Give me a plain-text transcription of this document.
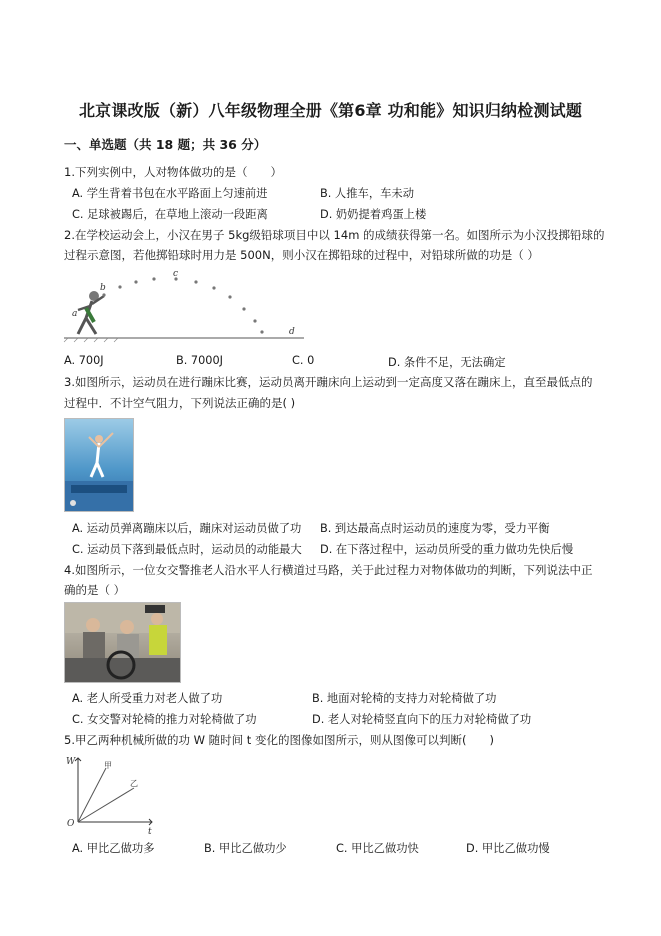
北京课改版（新）八年级物理全册《第6章 功和能》知识归纳检测试题
一、单选题（共 18 题；共 36 分）
1.下列实例中，人对物体做功的是（　　）
A. 学生背着书包在水平路面上匀速前进	B. 人推车，车未动
C. 足球被踢后，在草地上滚动一段距离	D. 奶奶提着鸡蛋上楼
2.在学校运动会上，小汉在男子 5kg级铅球项目中以 14m 的成绩获得第一名。如图所示为小汉投掷铅球的
过程示意图，若他掷铅球时用力是 500N，则小汉在掷铅球的过程中，对铅球所做的功是（ ）
a
b
c
d
A. 700J	B. 7000J	C. 0	D. 条件不足，无法确定
3.如图所示，运动员在进行蹦床比赛，运动员离开蹦床向上运动到一定高度又落在蹦床上，直至最低点的
过程中．不计空气阻力，下列说法正确的是( )
A. 运动员弹离蹦床以后，蹦床对运动员做了功 B. 到达最高点时运动员的速度为零，受力平衡
C. 运动员下落到最低点时，运动员的动能最大 D. 在下落过程中，运动员所受的重力做功先快后慢
4.如图所示，一位女交警推老人沿水平人行横道过马路，关于此过程力对物体做功的判断，下列说法中正
确的是（ ）
A. 老人所受重力对老人做了功	B. 地面对轮椅的支持力对轮椅做了功
C. 女交警对轮椅的推力对轮椅做了功	D. 老人对轮椅竖直向下的压力对轮椅做了功
5.甲乙两种机械所做的功 W 随时间 t 变化的图像如图所示，则从图像可以判断(　　)
W
t
O
甲
乙
A. 甲比乙做功多	B. 甲比乙做功少	C. 甲比乙做功快	D. 甲比乙做功慢
